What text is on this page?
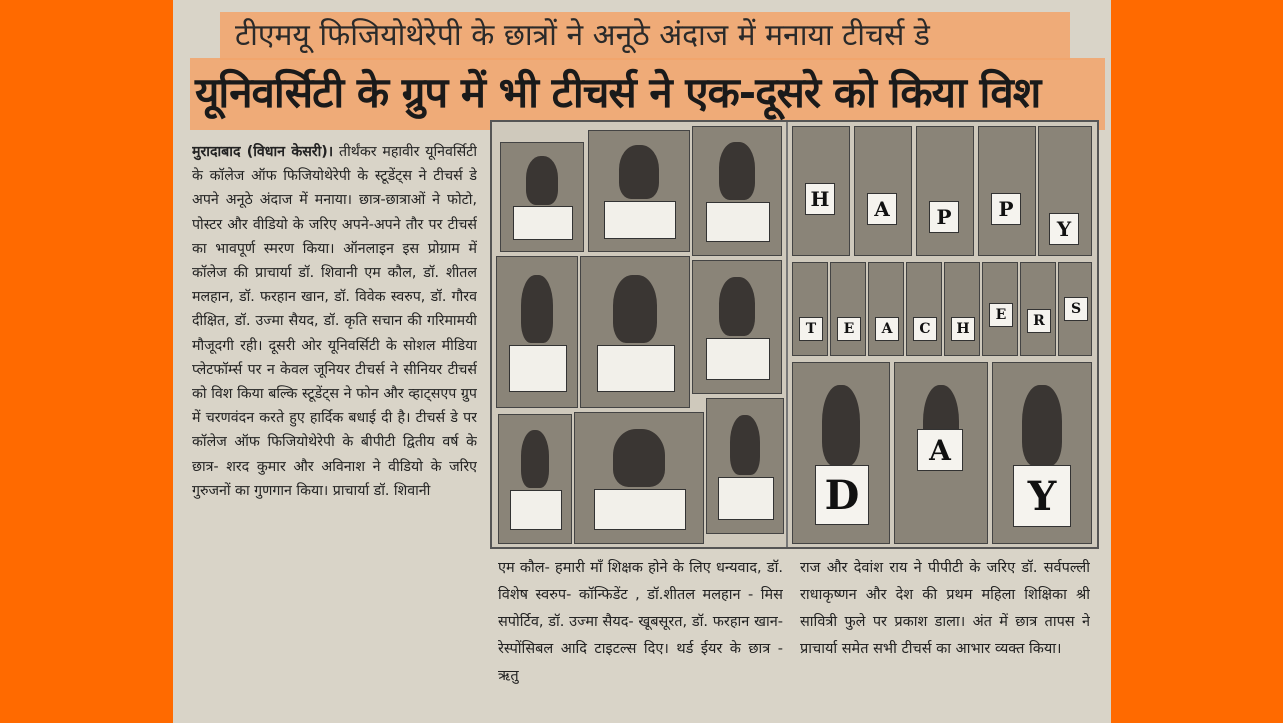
टीएमयू फिजियोथेरेपी के छात्रों ने अनूठे अंदाज में मनाया टीचर्स डे
यूनिवर्सिटी के ग्रुप में भी टीचर्स ने एक-दूसरे को किया विश
मुरादाबाद (विधान केसरी)। तीर्थंकर महावीर यूनिवर्सिटी के कॉलेज ऑफ फिजियोथेरेपी के स्टूडेंट्स ने टीचर्स डे अपने अनूठे अंदाज में मनाया। छात्र-छात्राओं ने फोटो, पोस्टर और वीडियो के जरिए अपने-अपने तौर पर टीचर्स का भावपूर्ण स्मरण किया। ऑनलाइन इस प्रोग्राम में कॉलेज की प्राचार्या डॉ. शिवानी एम कौल, डॉ. शीतल मलहान, डॉ. फरहान खान, डॉ. विवेक स्वरुप, डॉ. गौरव दीक्षित, डॉ. उज्मा सैयद, डॉ. कृति सचान की गरिमामयी मौजूदगी रही। दूसरी ओर यूनिवर्सिटी के सोशल मीडिया प्लेटफॉर्म्स पर न केवल जूनियर टीचर्स ने सीनियर टीचर्स को विश किया बल्कि स्टूडेंट्स ने फोन और व्हाट्सएप ग्रुप में चरणवंदन करते हुए हार्दिक बधाई दी है। टीचर्स डे पर कॉलेज ऑफ फिजियोथेरेपी के बीपीटी द्वितीय वर्ष के छात्र- शरद कुमार और अविनाश ने वीडियो के जरिए गुरुजनों का गुणगान किया। प्राचार्या डॉ. शिवानी
H	A	P	P
Y
T	E	A	C	H
E	R
S
D
A
Y
एम कौल- हमारी माँ शिक्षक होने के लिए धन्यवाद, डॉ. विशेष स्वरुप- कॉन्फिडेंट , डॉ.शीतल मलहान - मिस सपोर्टिव, डॉ. उज्मा सैयद- खूबसूरत, डॉ. फरहान खान- रेस्पोंसिबल आदि टाइटल्स दिए। थर्ड ईयर के छात्र - ऋतु
राज और देवांश राय ने पीपीटी के जरिए डॉ. सर्वपल्ली राधाकृष्णन और देश की प्रथम महिला शिक्षिका श्री सावित्री फुले पर प्रकाश डाला। अंत में छात्र तापस ने प्राचार्या समेत सभी टीचर्स का आभार व्यक्त किया।
